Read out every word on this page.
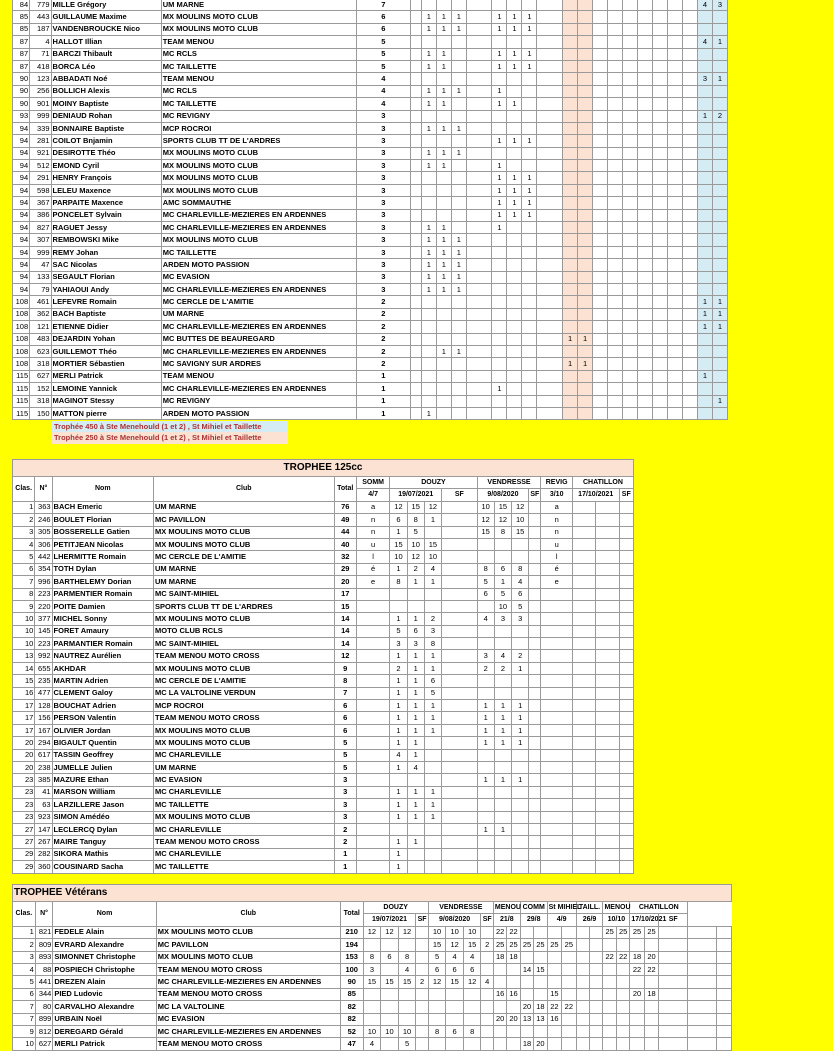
84	779	MILLE Grégory	UM MARNE	7																			4	3
85	443	GUILLAUME Maxime	MX MOULINS MOTO CLUB	6		1	1	1		1	1	1												
85	187	VANDENBROUCKE Nico	MX MOULINS MOTO CLUB	6		1	1	1		1	1	1												
87	4	HALLOT Illian	TEAM MENOU	5																			4	1
87	71	BARCZI Thibault	MC RCLS	5		1	1			1	1	1												
87	418	BORCA Léo	MC TAILLETTE	5		1	1			1	1	1												
90	123	ABBADATI Noé	TEAM MENOU	4																			3	1
90	256	BOLLICH Alexis	MC RCLS	4		1	1	1		1														
90	901	MOINY Baptiste	MC TAILLETTE	4		1	1			1	1													
93	999	DENIAUD Rohan	MC REVIGNY	3																			1	2
94	339	BONNAIRE Baptiste	MCP ROCROI	3		1	1	1																
94	281	COILOT Bnjamin	SPORTS CLUB TT DE L'ARDRES	3						1	1	1												
94	921	DESIROTTE Théo	MX MOULINS MOTO CLUB	3		1	1	1																
94	512	EMOND Cyril	MX MOULINS MOTO CLUB	3		1	1			1														
94	291	HENRY François	MX MOULINS MOTO CLUB	3						1	1	1												
94	598	LELEU Maxence	MX MOULINS MOTO CLUB	3						1	1	1												
94	367	PARPAITE Maxence	AMC SOMMAUTHE	3						1	1	1												
94	386	PONCELET Sylvain	MC CHARLEVILLE-MEZIERES EN ARDENNES	3						1	1	1												
94	827	RAGUET Jessy	MC CHARLEVILLE-MEZIERES EN ARDENNES	3		1	1			1														
94	307	REMBOWSKI Mike	MX MOULINS MOTO CLUB	3		1	1	1																
94	999	REMY Johan	MC TAILLETTE	3		1	1	1																
94	47	SAC Nicolas	ARDEN MOTO PASSION	3		1	1	1																
94	133	SEGAULT Florian	MC EVASION	3		1	1	1																
94	79	YAHIAOUI Andy	MC CHARLEVILLE-MEZIERES EN ARDENNES	3		1	1	1																
108	461	LEFEVRE Romain	MC CERCLE DE L'AMITIE	2																			1	1
108	362	BACH Baptiste	UM MARNE	2																			1	1
108	121	ETIENNE Didier	MC CHARLEVILLE-MEZIERES EN ARDENNES	2																			1	1
108	483	DEJARDIN Yohan	MC BUTTES DE BEAUREGARD	2										1	1									
108	623	GUILLEMOT Théo	MC CHARLEVILLE-MEZIERES EN ARDENNES	2			1	1																
108	318	MORTIER Sébastien	MC SAVIGNY SUR ARDRES	2										1	1									
115	627	MERLI Patrick	TEAM MENOU	1																			1	
115	152	LEMOINE Yannick	MC CHARLEVILLE-MEZIERES EN ARDENNES	1						1														
115	318	MAGINOT Stessy	MC REVIGNY	1																				1
115	150	MATTON pierre	ARDEN MOTO PASSION	1		1																		
Trophée 450 à Ste Menehould (1 et 2) , St Mihiel et Taillette
Trophée 250 à Ste Menehould (1 et 2) , St Mihiel et Taillette
TROPHEE 125cc																	
Clas.	N°	Nom	Club	Total	SOMM	DOUZY				VENDRESSE				REVIG	CHATILLON		
					4/7	19/07/2021			SF	9/08/2020			SF	3/10	17/10/2021		SF
1	363	BACH Emeric	UM MARNE	76	a	12	15	12		10	15	12		a			
2	246	BOULET Florian	MC PAVILLON	49	n	6	8	1		12	12	10		n			
3	305	BOSSERELLE Gatien	MX MOULINS MOTO CLUB	44	n	1	5			15	8	15		n			
4	306	PETITJEAN Nicolas	MX MOULINS MOTO CLUB	40	u	15	10	15						u			
5	442	LHERMITTE Romain	MC CERCLE DE L'AMITIE	32	l	10	12	10						l			
6	354	TOTH Dylan	UM MARNE	29	é	1	2	4		8	6	8		é			
7	996	BARTHELEMY Dorian	UM MARNE	20	e	8	1	1		5	1	4		e			
8	223	PARMENTIER Romain	MC SAINT-MIHIEL	17						6	5	6					
9	220	POITE Damien	SPORTS CLUB TT DE L'ARDRES	15							10	5					
10	377	MICHEL Sonny	MX MOULINS MOTO CLUB	14		1	1	2		4	3	3					
10	145	FORET Amaury	MOTO CLUB RCLS	14		5	6	3									
10	223	PARMANTIER Romain	MC SAINT-MIHIEL	14		3	3	8									
13	992	NAUTREZ Aurélien	TEAM MENOU MOTO CROSS	12		1	1	1		3	4	2					
14	655	AKHDAR	MX MOULINS MOTO CLUB	9		2	1	1		2	2	1					
15	235	MARTIN Adrien	MC CERCLE DE L'AMITIE	8		1	1	6									
16	477	CLEMENT Galoy	MC LA VALTOLINE VERDUN	7		1	1	5									
17	128	BOUCHAT Adrien	MCP ROCROI	6		1	1	1		1	1	1					
17	156	PERSON Valentin	TEAM MENOU MOTO CROSS	6		1	1	1		1	1	1					
17	167	OLIVIER Jordan	MX MOULINS MOTO CLUB	6		1	1	1		1	1	1					
20	294	BIGAULT Quentin	MX MOULINS MOTO CLUB	5		1	1			1	1	1					
20	617	TASSIN Geoffrey	MC CHARLEVILLE	5		4	1										
20	238	JUMELLE Julien	UM MARNE	5		1	4										
23	385	MAZURE Ethan	MC EVASION	3						1	1	1					
23	41	MARSON William	MC CHARLEVILLE	3		1	1	1									
23	63	LARZILLERE Jason	MC TAILLETTE	3		1	1	1									
23	923	SIMON Amédéo	MX MOULINS MOTO CLUB	3		1	1	1									
27	147	LECLERCQ Dylan	MC CHARLEVILLE	2						1	1						
27	267	MAIRE Tanguy	TEAM MENOU MOTO CROSS	2		1	1										
29	282	SIKORA Mathis	MC CHARLEVILLE	1		1											
29	360	COUSINARD Sacha	MC TAILLETTE	1		1											
TROPHEE Vétérans																											
Clas.	N°	Nom	Club	Total	DOUZY				VENDRESSE				MENOU		COMM		St MIHIEL		TAILL.		MENOU		CHATILLON				
					19/07/2021			SF	9/08/2020			SF	21/8		29/8		4/9		26/9		10/10		17/10/2021		SF		
1	821	FEDELE Alain	MX MOULINS MOTO CLUB	210	12	12	12		10	10	10		22	22							25	25	25	25			
2	809	EVRARD Alexandre	MC PAVILLON	194					15	12	15	2	25	25	25	25	25	25									
3	893	SIMONNET Christophe	MX MOULINS MOTO CLUB	153	8	6	8		5	4	4		18	18							22	22	18	20			
4	88	POSPIECH Christophe	TEAM MENOU MOTO CROSS	100	3		4		6	6	6				14	15							22	22			
5	441	DREZEN Alain	MC CHARLEVILLE-MEZIERES EN ARDENNES	90	15	15	15	2	12	15	12	4															
6	344	PIED Ludovic	TEAM MENOU MOTO CROSS	85									16	16			15						20	18			
7	80	CARVALHO Alexandre	MC LA VALTOLINE	82											20	18	22	22									
7	899	URBAIN Noël	MC EVASION	82									20	20	13	13	16										
9	812	DEREGARD Gérald	MC CHARLEVILLE-MEZIERES EN ARDENNES	52	10	10	10		8	6	8																
10	627	MERLI Patrick	TEAM MENOU MOTO CROSS	47	4		5								18	20											
